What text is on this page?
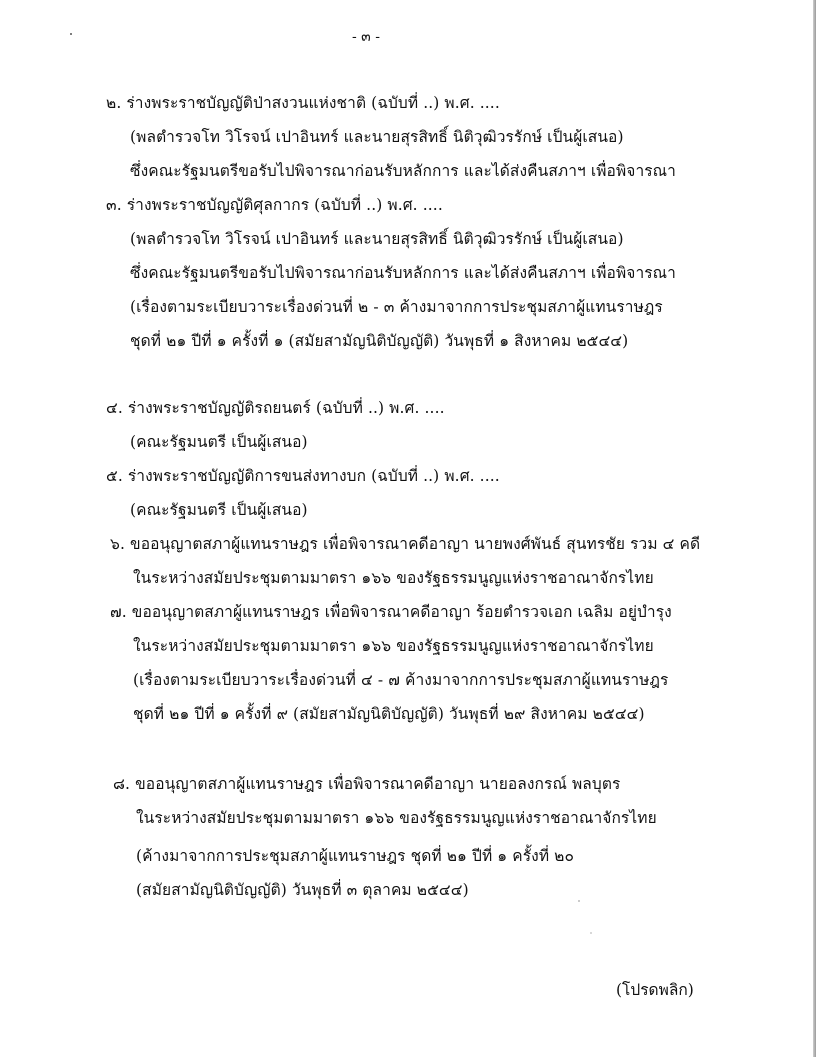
- ๓ -
๒. ร่างพระราชบัญญัติป่าสงวนแห่งชาติ (ฉบับที่ ..) พ.ศ. ....
(พลตำรวจโท วิโรจน์ เปาอินทร์ และนายสุรสิทธิ์ นิติวุฒิวรรักษ์ เป็นผู้เสนอ)
ซึ่งคณะรัฐมนตรีขอรับไปพิจารณาก่อนรับหลักการ และได้ส่งคืนสภาฯ เพื่อพิจารณา
๓. ร่างพระราชบัญญัติศุลกากร (ฉบับที่ ..) พ.ศ. ....
(พลตำรวจโท วิโรจน์ เปาอินทร์ และนายสุรสิทธิ์ นิติวุฒิวรรักษ์ เป็นผู้เสนอ)
ซึ่งคณะรัฐมนตรีขอรับไปพิจารณาก่อนรับหลักการ และได้ส่งคืนสภาฯ เพื่อพิจารณา
(เรื่องตามระเบียบวาระเรื่องด่วนที่ ๒ - ๓ ค้างมาจากการประชุมสภาผู้แทนราษฎร
ชุดที่ ๒๑ ปีที่ ๑ ครั้งที่ ๑ (สมัยสามัญนิติบัญญัติ) วันพุธที่ ๑ สิงหาคม ๒๕๔๔)
๔. ร่างพระราชบัญญัติรถยนตร์ (ฉบับที่ ..) พ.ศ. ....
(คณะรัฐมนตรี เป็นผู้เสนอ)
๕. ร่างพระราชบัญญัติการขนส่งทางบก (ฉบับที่ ..) พ.ศ. ....
(คณะรัฐมนตรี เป็นผู้เสนอ)
๖. ขออนุญาตสภาผู้แทนราษฎร เพื่อพิจารณาคดีอาญา นายพงศ์พันธ์ สุนทรชัย รวม ๔ คดี
ในระหว่างสมัยประชุมตามมาตรา ๑๖๖ ของรัฐธรรมนูญแห่งราชอาณาจักรไทย
๗. ขออนุญาตสภาผู้แทนราษฎร เพื่อพิจารณาคดีอาญา ร้อยตำรวจเอก เฉลิม อยู่บำรุง
ในระหว่างสมัยประชุมตามมาตรา ๑๖๖ ของรัฐธรรมนูญแห่งราชอาณาจักรไทย
(เรื่องตามระเบียบวาระเรื่องด่วนที่ ๔ - ๗ ค้างมาจากการประชุมสภาผู้แทนราษฎร
ชุดที่ ๒๑ ปีที่ ๑ ครั้งที่ ๙ (สมัยสามัญนิติบัญญัติ) วันพุธที่ ๒๙ สิงหาคม ๒๕๔๔)
๘. ขออนุญาตสภาผู้แทนราษฎร เพื่อพิจารณาคดีอาญา นายอลงกรณ์ พลบุตร
ในระหว่างสมัยประชุมตามมาตรา ๑๖๖ ของรัฐธรรมนูญแห่งราชอาณาจักรไทย
(ค้างมาจากการประชุมสภาผู้แทนราษฎร ชุดที่ ๒๑ ปีที่ ๑ ครั้งที่ ๒๐
(สมัยสามัญนิติบัญญัติ) วันพุธที่ ๓ ตุลาคม ๒๕๔๔)
(โปรดพลิก)
